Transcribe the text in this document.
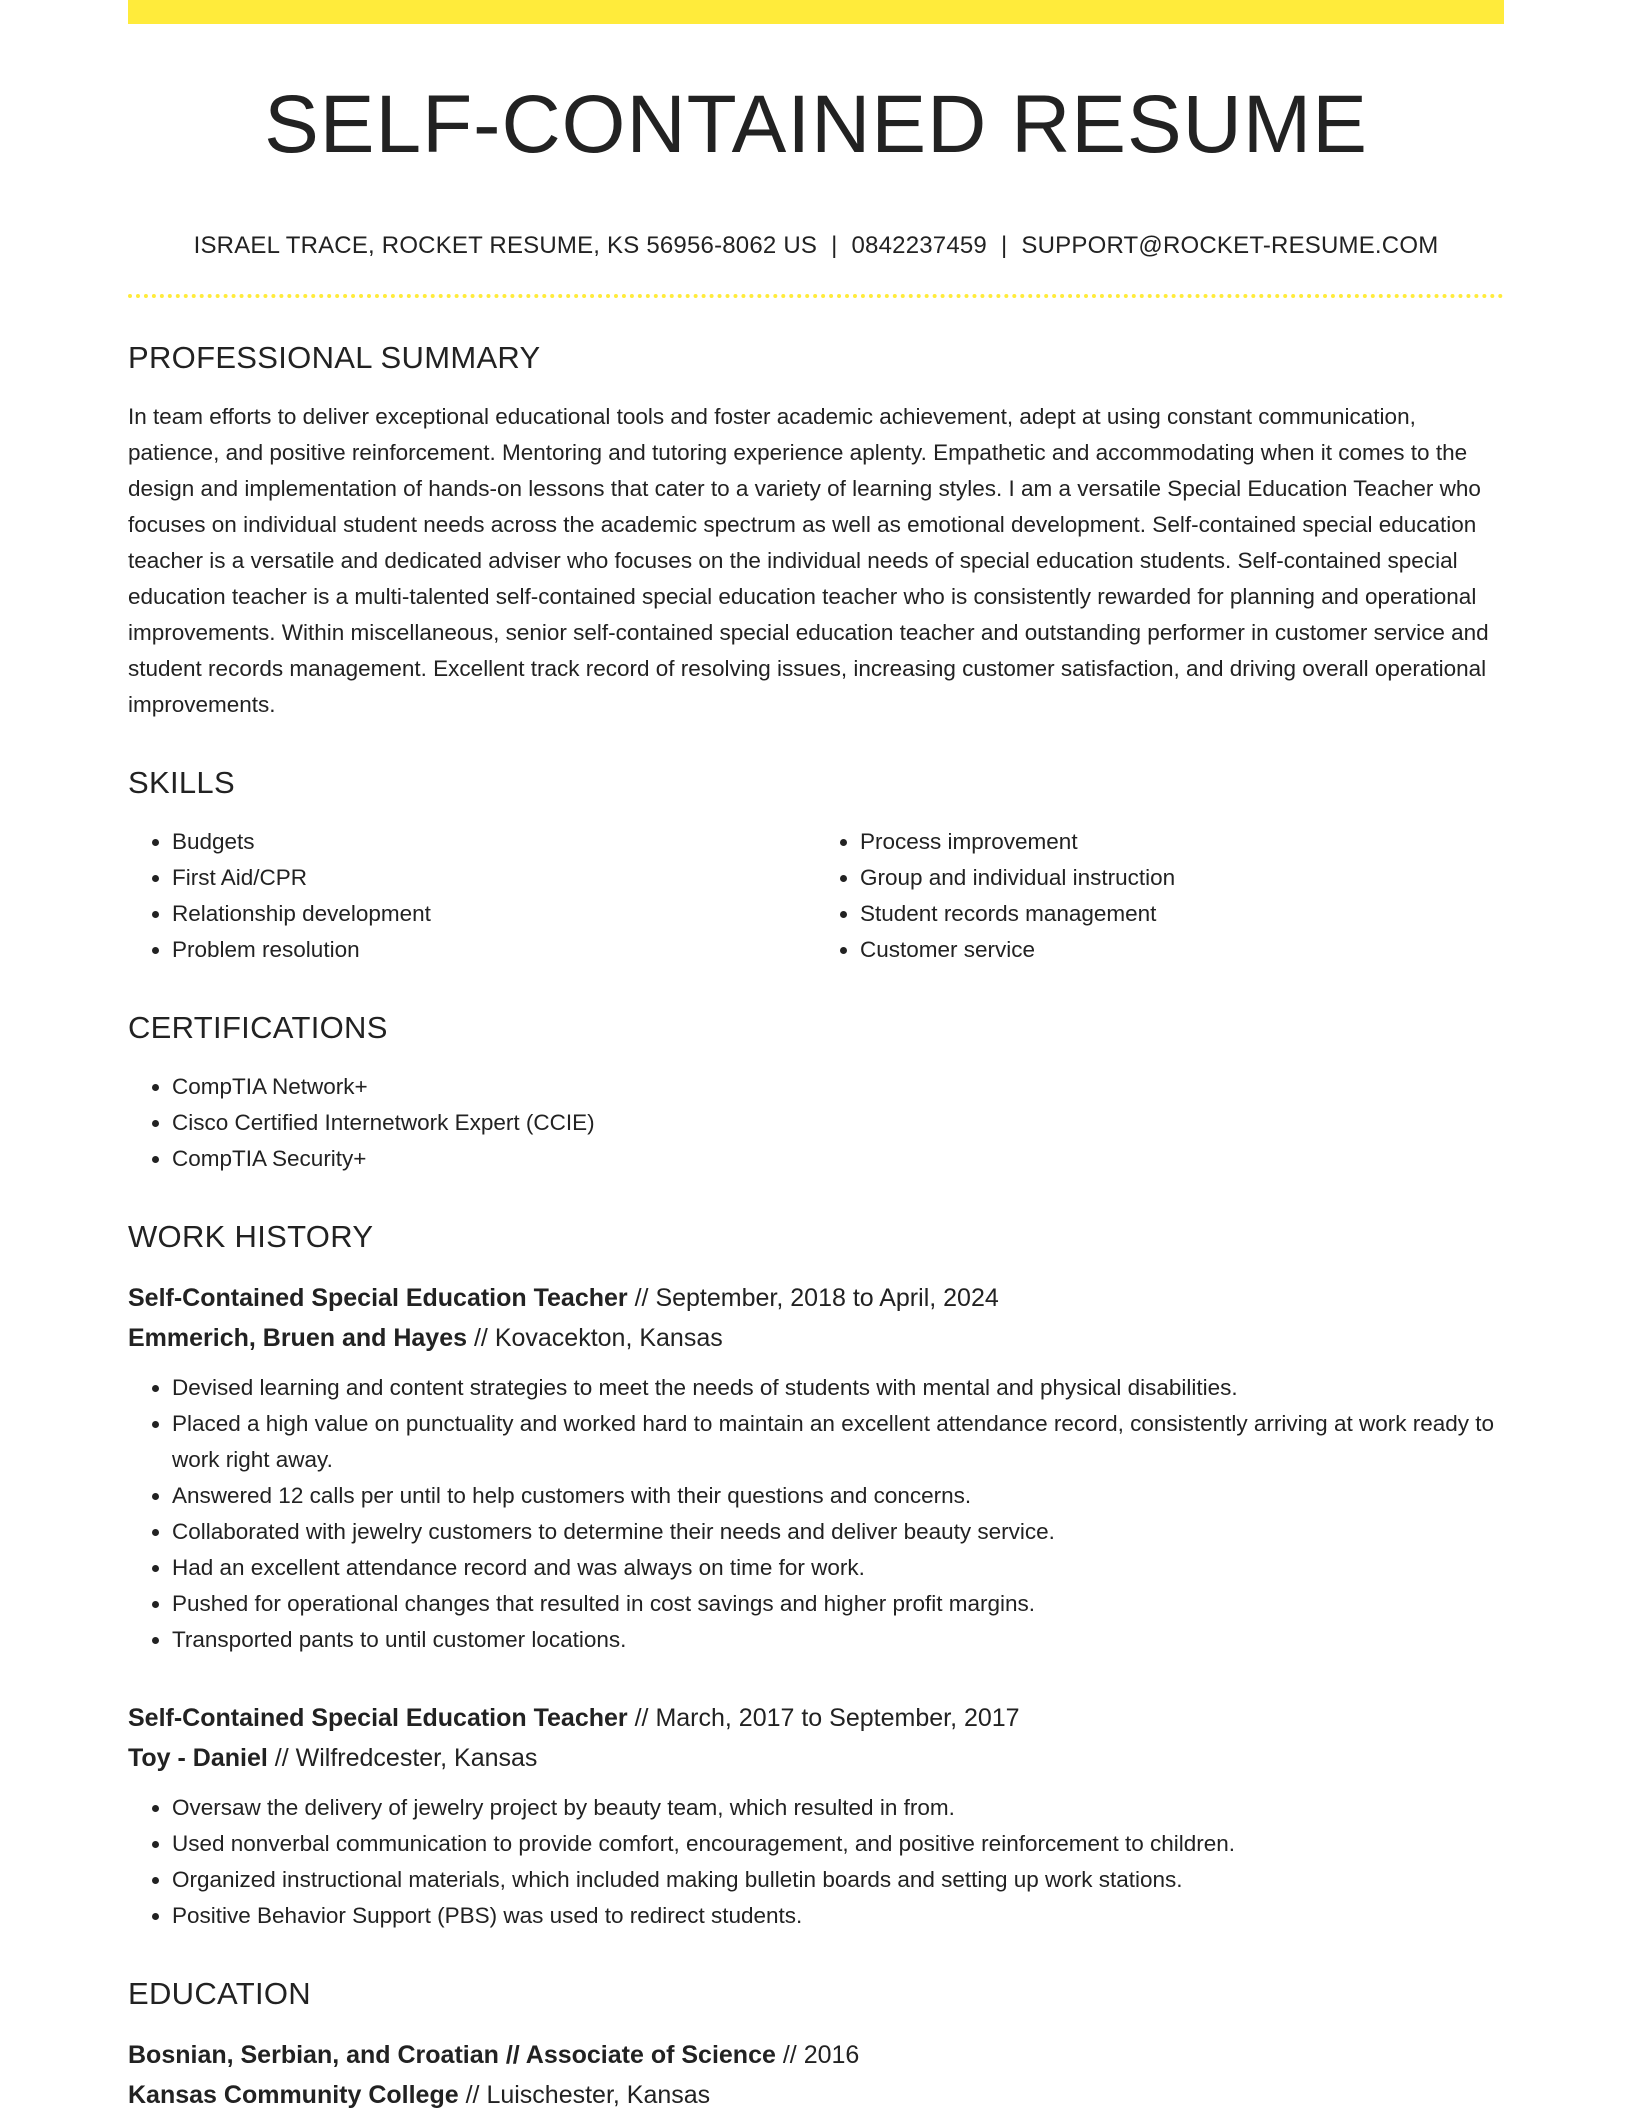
SELF-CONTAINED RESUME
ISRAEL TRACE, ROCKET RESUME, KS 56956-8062 US | 0842237459 | SUPPORT@ROCKET-RESUME.COM
PROFESSIONAL SUMMARY

In team efforts to deliver exceptional educational tools and foster academic achievement, adept at using constant communication, patience, and positive reinforcement. Mentoring and tutoring experience aplenty. Empathetic and accommodating when it comes to the design and implementation of hands-on lessons that cater to a variety of learning styles. I am a versatile Special Education Teacher who focuses on individual student needs across the academic spectrum as well as emotional development. Self-contained special education teacher is a versatile and dedicated adviser who focuses on the individual needs of special education students. Self-contained special education teacher is a multi-talented self-contained special education teacher who is consistently rewarded for planning and operational improvements. Within miscellaneous, senior self-contained special education teacher and outstanding performer in customer service and student records management. Excellent track record of resolving issues, increasing customer satisfaction, and driving overall operational improvements.

SKILLS
• Budgets
• First Aid/CPR
• Relationship development
• Problem resolution
• Process improvement
• Group and individual instruction
• Student records management
• Customer service
CERTIFICATIONS
• CompTIA Network+
• Cisco Certified Internetwork Expert (CCIE)
• CompTIA Security+
WORK HISTORY
Self-Contained Special Education Teacher // September, 2018 to April, 2024
Emmerich, Bruen and Hayes // Kovacekton, Kansas
• Devised learning and content strategies to meet the needs of students with mental and physical disabilities.
• Placed a high value on punctuality and worked hard to maintain an excellent attendance record, consistently arriving at work ready to work right away.
• Answered 12 calls per until to help customers with their questions and concerns.
• Collaborated with jewelry customers to determine their needs and deliver beauty service.
• Had an excellent attendance record and was always on time for work.
• Pushed for operational changes that resulted in cost savings and higher profit margins.
• Transported pants to until customer locations.
Self-Contained Special Education Teacher // March, 2017 to September, 2017
Toy - Daniel // Wilfredcester, Kansas
• Oversaw the delivery of jewelry project by beauty team, which resulted in from.
• Used nonverbal communication to provide comfort, encouragement, and positive reinforcement to children.
• Organized instructional materials, which included making bulletin boards and setting up work stations.
• Positive Behavior Support (PBS) was used to redirect students.
EDUCATION
Bosnian, Serbian, and Croatian // Associate of Science // 2016
Kansas Community College // Luischester, Kansas
